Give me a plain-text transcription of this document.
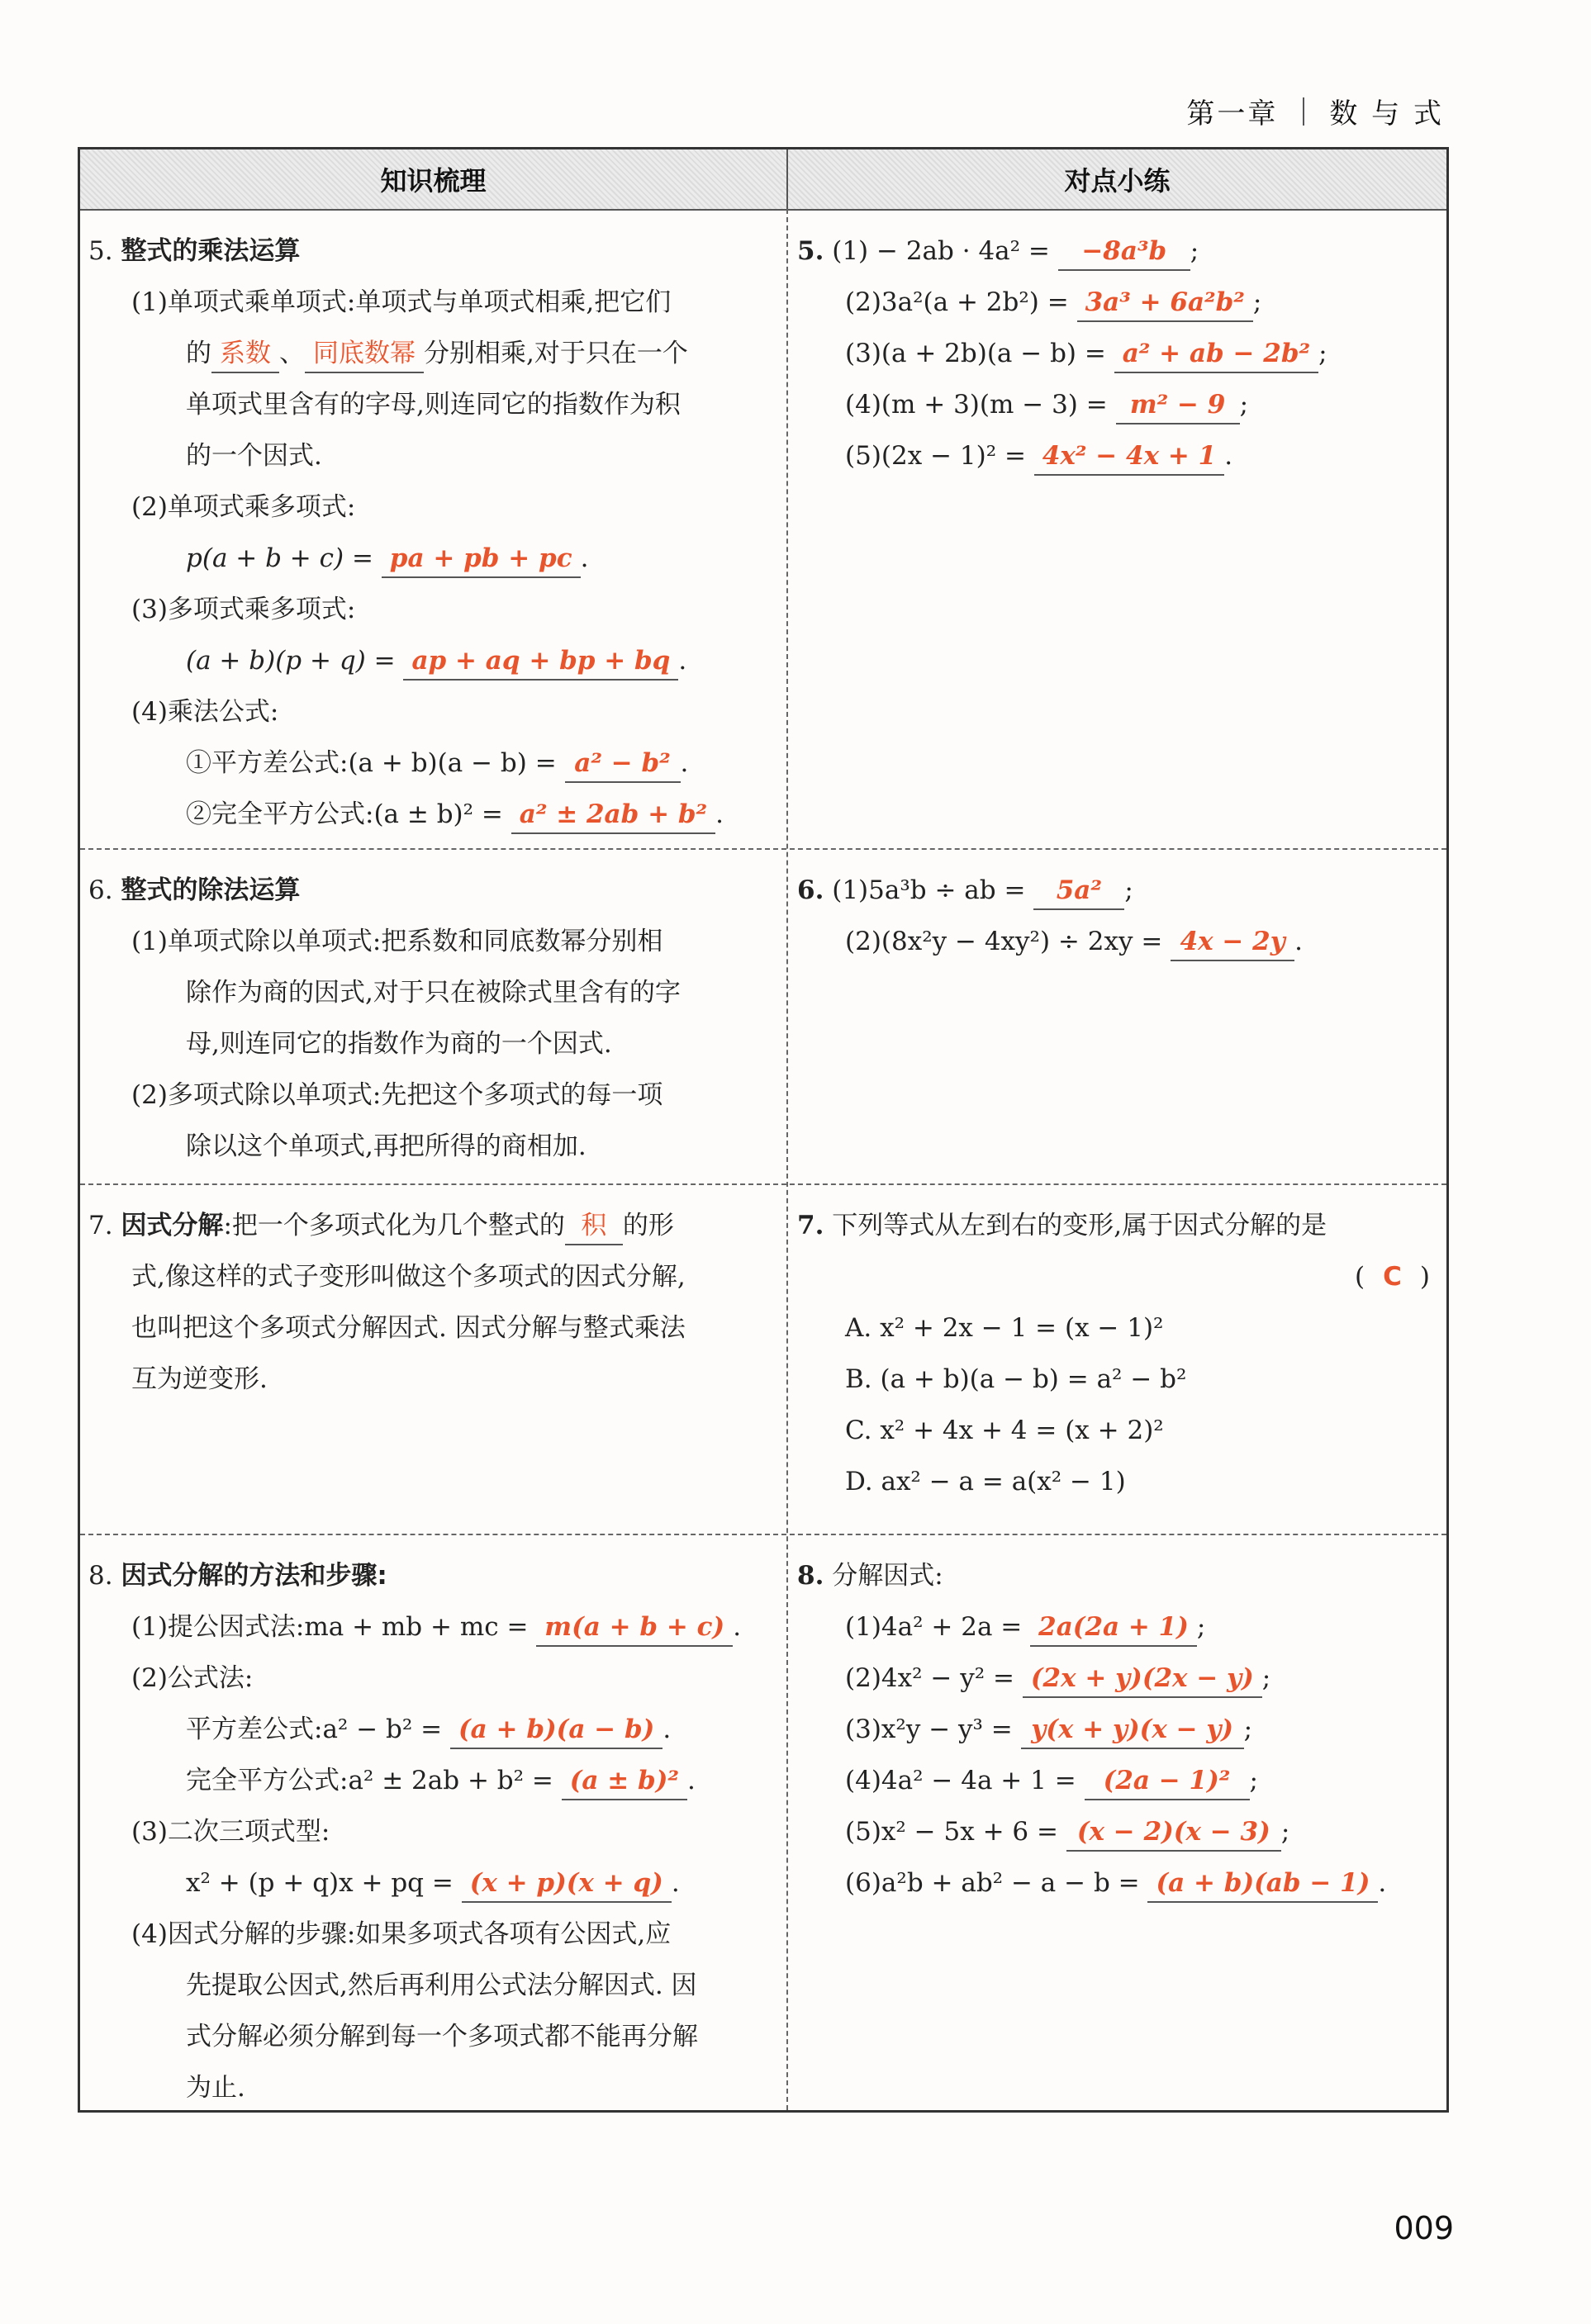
第一章 数 与 式
知识梳理	对点小练
5. 整式的乘法运算
(1)单项式乘单项式:单项式与单项式相乘,把它们
的 系数 、 同底数幂 分别相乘,对于只在一个
单项式里含有的字母,则连同它的指数作为积
的一个因式.
(2)单项式乘多项式:
p(a + b + c) = pa + pb + pc .
(3)多项式乘多项式:
(a + b)(p + q) = ap + aq + bp + bq .
(4)乘法公式:
①平方差公式:(a + b)(a − b) = a² − b² .
②完全平方公式:(a ± b)² = a² ± 2ab + b² .
5. (1) − 2ab · 4a² = −8a³b ;
(2)3a²(a + 2b²) = 3a³ + 6a²b² ;
(3)(a + 2b)(a − b) = a² + ab − 2b² ;
(4)(m + 3)(m − 3) = m² − 9 ;
(5)(2x − 1)² = 4x² − 4x + 1 .
6. 整式的除法运算
(1)单项式除以单项式:把系数和同底数幂分别相
除作为商的因式,对于只在被除式里含有的字
母,则连同它的指数作为商的一个因式.
(2)多项式除以单项式:先把这个多项式的每一项
除以这个单项式,再把所得的商相加.
6. (1)5a³b ÷ ab = 5a² ;
(2)(8x²y − 4xy²) ÷ 2xy = 4x − 2y .
7. 因式分解:把一个多项式化为几个整式的 积 的形
式,像这样的式子变形叫做这个多项式的因式分解,
也叫把这个多项式分解因式. 因式分解与整式乘法
互为逆变形.
7. 下列等式从左到右的变形,属于因式分解的是
( C )
A. x² + 2x − 1 = (x − 1)²
B. (a + b)(a − b) = a² − b²
C. x² + 4x + 4 = (x + 2)²
D. ax² − a = a(x² − 1)
8. 因式分解的方法和步骤:
(1)提公因式法:ma + mb + mc = m(a + b + c) .
(2)公式法:
平方差公式:a² − b² = (a + b)(a − b) .
完全平方公式:a² ± 2ab + b² = (a ± b)² .
(3)二次三项式型:
x² + (p + q)x + pq = (x + p)(x + q) .
(4)因式分解的步骤:如果多项式各项有公因式,应
先提取公因式,然后再利用公式法分解因式. 因
式分解必须分解到每一个多项式都不能再分解
为止.
8. 分解因式:
(1)4a² + 2a = 2a(2a + 1) ;
(2)4x² − y² = (2x + y)(2x − y) ;
(3)x²y − y³ = y(x + y)(x − y) ;
(4)4a² − 4a + 1 = (2a − 1)² ;
(5)x² − 5x + 6 = (x − 2)(x − 3) ;
(6)a²b + ab² − a − b = (a + b)(ab − 1) .
009
